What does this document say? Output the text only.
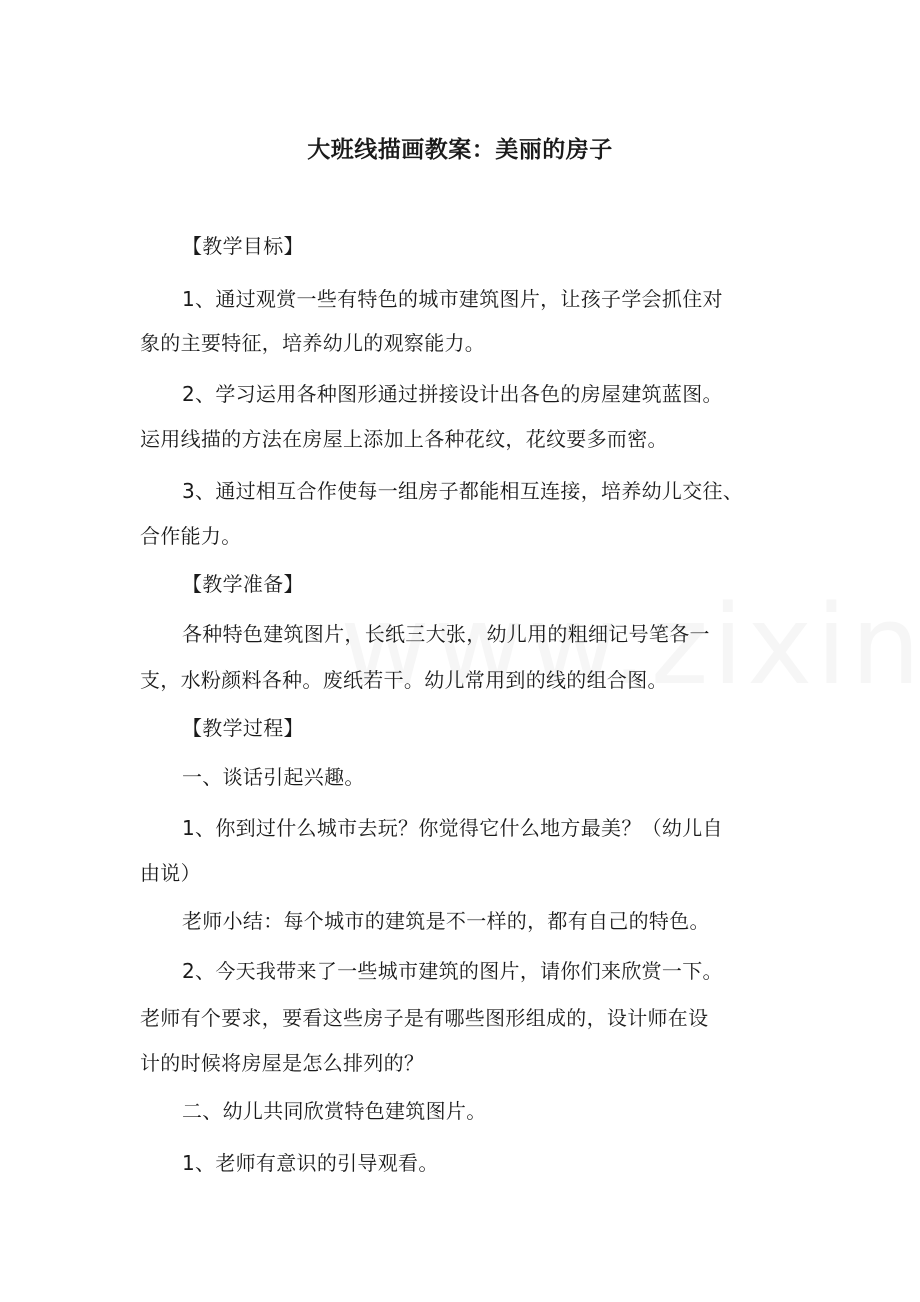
大班线描画教案：美丽的房子
【教学目标】
1、通过观赏一些有特色的城市建筑图片，让孩子学会抓住对
象的主要特征，培养幼儿的观察能力。
2、学习运用各种图形通过拼接设计出各色的房屋建筑蓝图。
运用线描的方法在房屋上添加上各种花纹，花纹要多而密。
3、通过相互合作使每一组房子都能相互连接，培养幼儿交往、
合作能力。
【教学准备】
各种特色建筑图片，长纸三大张，幼儿用的粗细记号笔各一
支，水粉颜料各种。废纸若干。幼儿常用到的线的组合图。
【教学过程】
一、谈话引起兴趣。
1、你到过什么城市去玩？你觉得它什么地方最美？（幼儿自
由说）
老师小结：每个城市的建筑是不一样的，都有自己的特色。
2、今天我带来了一些城市建筑的图片，请你们来欣赏一下。
老师有个要求，要看这些房子是有哪些图形组成的，设计师在设
计的时候将房屋是怎么排列的？
二、幼儿共同欣赏特色建筑图片。
1、老师有意识的引导观看。
